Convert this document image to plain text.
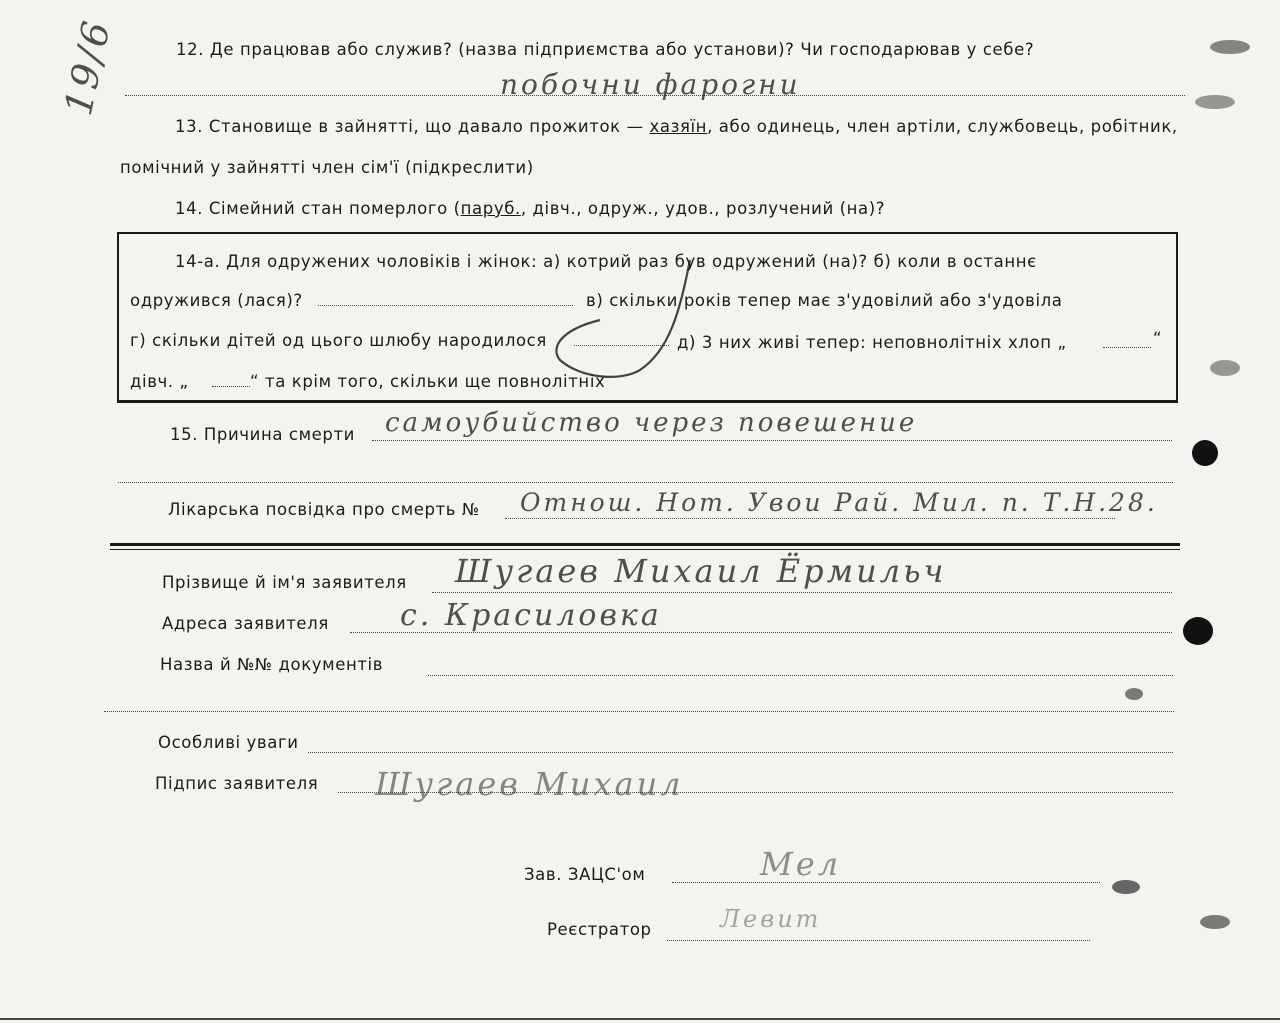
19/6	12. Де працював або служив? (назва підприємства або установи)? Чи господарював у себе?
побочни фарогни
13. Становище в зайнятті, що давало прожиток — хазяїн, або одинець, член артіли, службовець, робітник,
помічний у зайнятті член сім'ї (підкреслити)
14. Сімейний стан померлого (паруб., дівч., одруж., удов., розлучений (на)?
14-а. Для одружених чоловіків і жінок: а) котрий раз був одружений (на)? б) коли в останнє
одружився (лася)?	в) скільки років тепер має з'удовілий або з'удовіла
г) скільки дітей од цього шлюбу народилося	д) 3 них живі тепер: неповнолітніх хлоп „	“
дівч. „	“ та крім того, скільки ще повнолітніх
15. Причина смерти самоубийство через повешение
Лікарська посвідка про смерть № Отнош. Нот. Увои Рай. Мил. п. Т.Н.28.
Прізвище й ім'я заявителя Шугаев Михаил Ёрмильч
Адреса заявителя с. Красиловка
Назва й №№ документів
Особливі уваги
Підпис заявителя Шугаев Михаил
Зав. ЗАЦС'ом	Мел
Реєстратор	Левит
